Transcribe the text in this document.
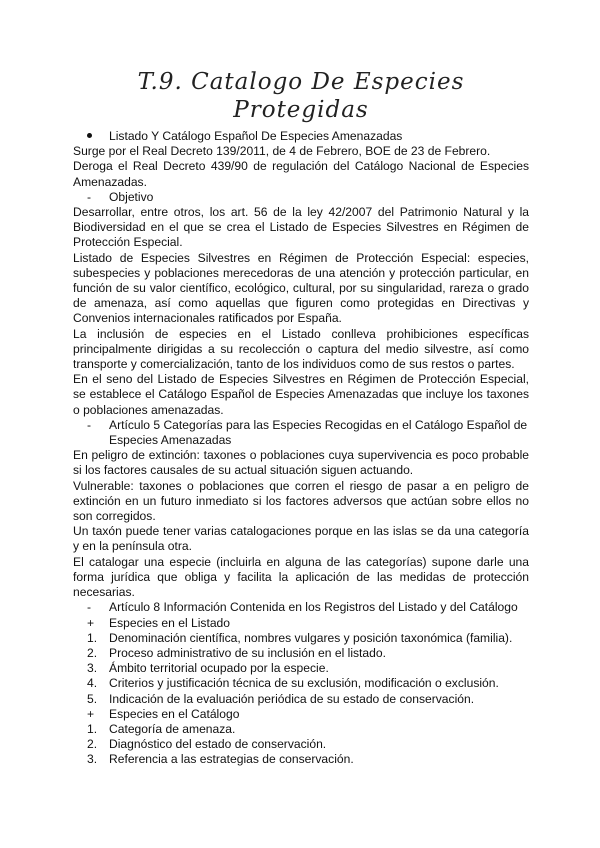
T.9. Catalogo De Especies Protegidas
Listado Y Catálogo Español De Especies Amenazadas

Surge por el Real Decreto 139/2011, de 4 de Febrero, BOE de 23 de Febrero.

Deroga el Real Decreto 439/90 de regulación del Catálogo Nacional de Especies Amenazadas.

-	Objetivo

Desarrollar, entre otros, los art. 56 de la ley 42/2007 del Patrimonio Natural y la Biodiversidad en el que se crea el Listado de Especies Silvestres en Régimen de Protección Especial.

Listado de Especies Silvestres en Régimen de Protección Especial: especies, subespecies y poblaciones merecedoras de una atención y protección particular, en función de su valor científico, ecológico, cultural, por su singularidad, rareza o grado de amenaza, así como aquellas que figuren como protegidas en Directivas y Convenios internacionales ratificados por España.

La inclusión de especies en el Listado conlleva prohibiciones específicas principalmente dirigidas a su recolección o captura del medio silvestre, así como transporte y comercialización, tanto de los individuos como de sus restos o partes.

En el seno del Listado de Especies Silvestres en Régimen de Protección Especial, se establece el Catálogo Español de Especies Amenazadas que incluye los taxones o poblaciones amenazadas.

-	Artículo 5 Categorías para las Especies Recogidas en el Catálogo Español de Especies Amenazadas

En peligro de extinción: taxones o poblaciones cuya supervivencia es poco probable si los factores causales de su actual situación siguen actuando.

Vulnerable: taxones o poblaciones que corren el riesgo de pasar a en peligro de extinción en un futuro inmediato si los factores adversos que actúan sobre ellos no son corregidos.

Un taxón puede tener varias catalogaciones porque en las islas se da una categoría y en la península otra.

El catalogar una especie (incluirla en alguna de las categorías) supone darle una forma jurídica que obliga y facilita la aplicación de las medidas de protección necesarias.

-	Artículo 8 Información Contenida en los Registros del Listado y del Catálogo
+	Especies en el Listado
1. Denominación científica, nombres vulgares y posición taxonómica (familia).
2. Proceso administrativo de su inclusión en el listado.
3. Ámbito territorial ocupado por la especie.
4. Criterios y justificación técnica de su exclusión, modificación o exclusión.
5. Indicación de la evaluación periódica de su estado de conservación.
+	Especies en el Catálogo
1. Categoría de amenaza.
2. Diagnóstico del estado de conservación.
3. Referencia a las estrategias de conservación.
